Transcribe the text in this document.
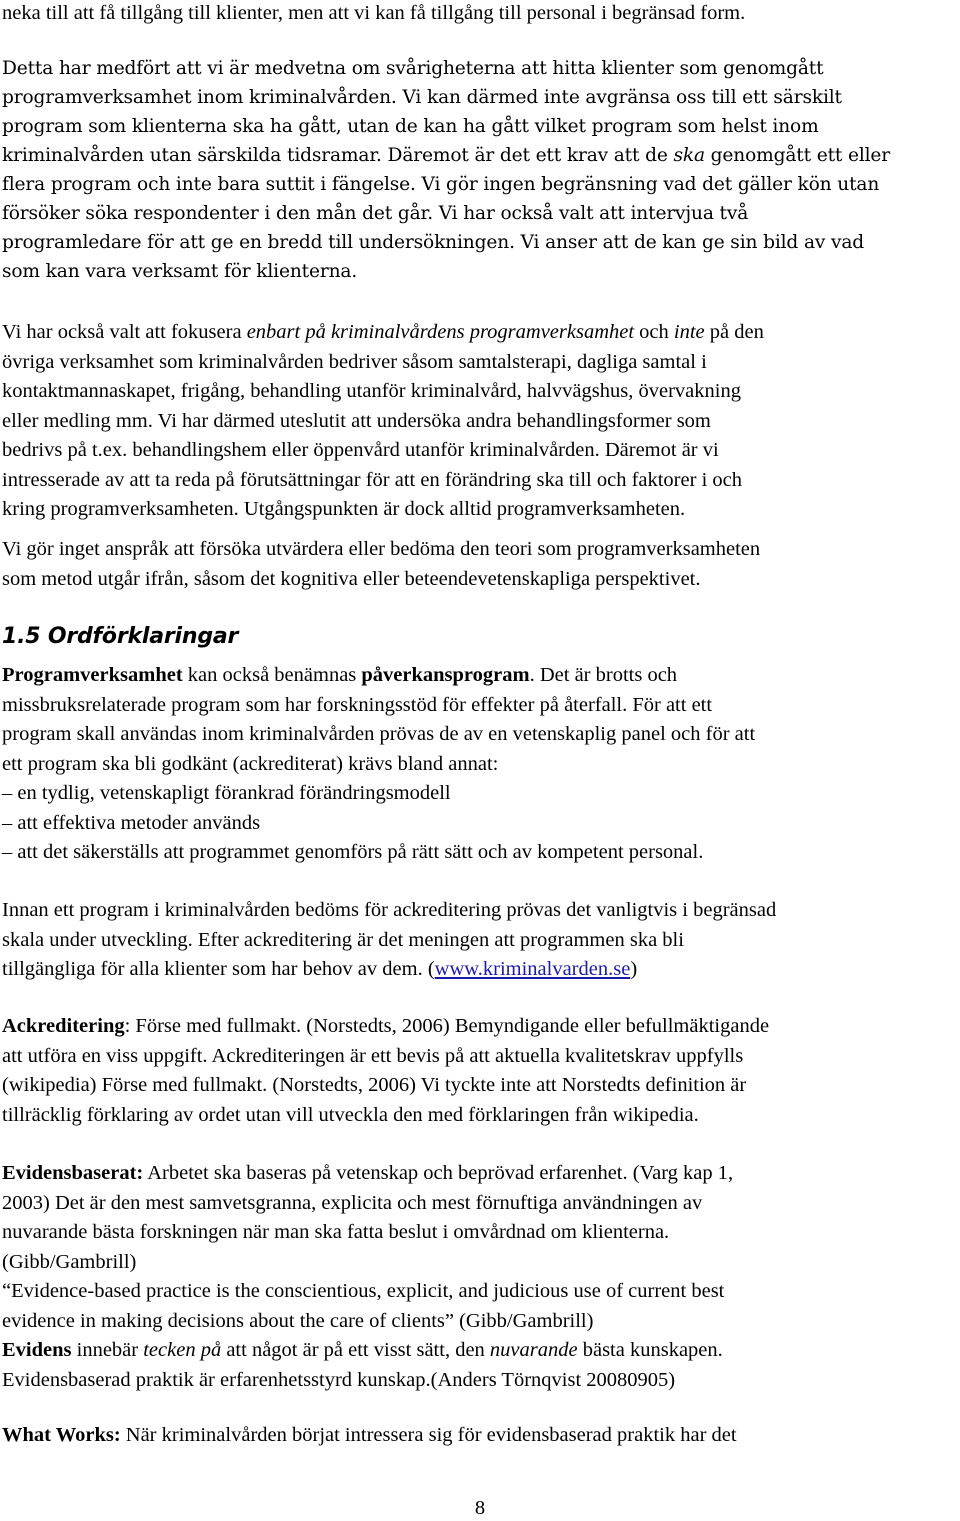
neka till att få tillgång till klienter, men att vi kan få tillgång till personal i begränsad form.

Detta har medfört att vi är medvetna om svårigheterna att hitta klienter som genomgått
programverksamhet inom kriminalvården. Vi kan därmed inte avgränsa oss till ett särskilt
program som klienterna ska ha gått, utan de kan ha gått vilket program som helst inom
kriminalvården utan särskilda tidsramar. Däremot är det ett krav att de ska genomgått ett eller
flera program och inte bara suttit i fängelse. Vi gör ingen begränsning vad det gäller kön utan
försöker söka respondenter i den mån det går. Vi har också valt att intervjua två
programledare för att ge en bredd till undersökningen. Vi anser att de kan ge sin bild av vad
som kan vara verksamt för klienterna.

Vi har också valt att fokusera enbart på kriminalvårdens programverksamhet och inte på den
övriga verksamhet som kriminalvården bedriver såsom samtalsterapi, dagliga samtal i
kontaktmannaskapet, frigång, behandling utanför kriminalvård, halvvägshus, övervakning
eller medling mm. Vi har därmed uteslutit att undersöka andra behandlingsformer som
bedrivs på t.ex. behandlingshem eller öppenvård utanför kriminalvården. Däremot är vi
intresserade av att ta reda på förutsättningar för att en förändring ska till och faktorer i och
kring programverksamheten. Utgångspunkten är dock alltid programverksamheten.

Vi gör inget anspråk att försöka utvärdera eller bedöma den teori som programverksamheten
som metod utgår ifrån, såsom det kognitiva eller beteendevetenskapliga perspektivet.

1.5 Ordförklaringar

Programverksamhet kan också benämnas påverkansprogram. Det är brotts och
missbruksrelaterade program som har forskningsstöd för effekter på återfall. För att ett
program skall användas inom kriminalvården prövas de av en vetenskaplig panel och för att
ett program ska bli godkänt (ackrediterat) krävs bland annat:
– en tydlig, vetenskapligt förankrad förändringsmodell
– att effektiva metoder används
– att det säkerställs att programmet genomförs på rätt sätt och av kompetent personal.

Innan ett program i kriminalvården bedöms för ackreditering prövas det vanligtvis i begränsad
skala under utveckling. Efter ackreditering är det meningen att programmen ska bli
tillgängliga för alla klienter som har behov av dem. (www.kriminalvarden.se)

Ackreditering: Förse med fullmakt. (Norstedts, 2006) Bemyndigande eller befullmäktigande
att utföra en viss uppgift. Ackrediteringen är ett bevis på att aktuella kvalitetskrav uppfylls
(wikipedia) Förse med fullmakt. (Norstedts, 2006) Vi tyckte inte att Norstedts definition är
tillräcklig förklaring av ordet utan vill utveckla den med förklaringen från wikipedia.

Evidensbaserat: Arbetet ska baseras på vetenskap och beprövad erfarenhet. (Varg kap 1,
2003) Det är den mest samvetsgranna, explicita och mest förnuftiga användningen av
nuvarande bästa forskningen när man ska fatta beslut i omvårdnad om klienterna.
(Gibb/Gambrill)
“Evidence-based practice is the conscientious, explicit, and judicious use of current best
evidence in making decisions about the care of clients” (Gibb/Gambrill)
Evidens innebär tecken på att något är på ett visst sätt, den nuvarande bästa kunskapen.
Evidensbaserad praktik är erfarenhetsstyrd kunskap.(Anders Törnqvist 20080905)

What Works: När kriminalvården börjat intressera sig för evidensbaserad praktik har det

8
